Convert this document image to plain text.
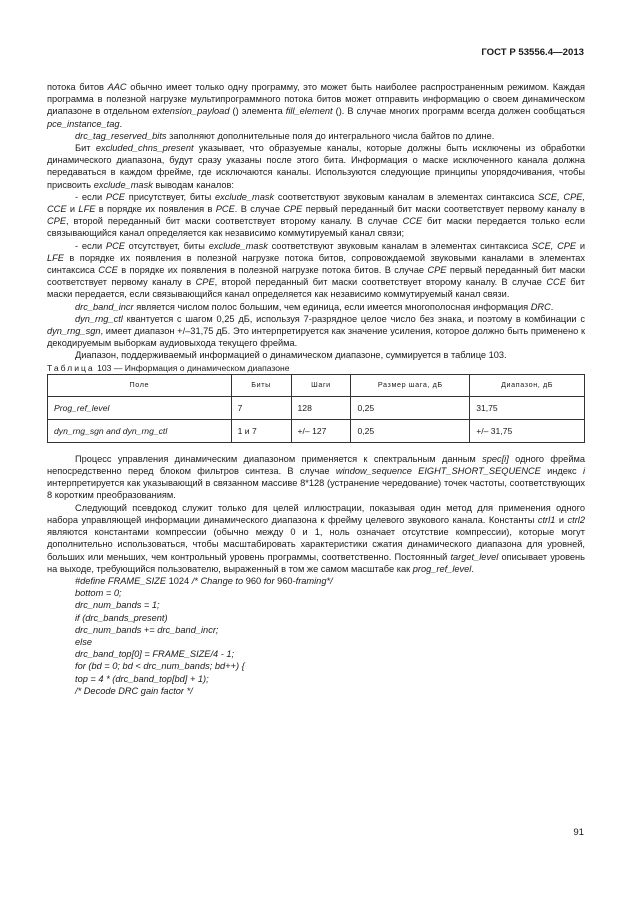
ГОСТ Р 53556.4—2013

потока битов AAC обычно имеет только одну программу, это может быть наиболее распространенным режимом. Каждая программа в полезной нагрузке мультипрограммного потока битов может отправить информацию о своем динамическом диапазоне в отдельном extension_payload () элемента fill_element (). В случае многих программ всегда должен сообщаться pce_instance_tag.

drc_tag_reserved_bits заполняют дополнительные поля до интегрального числа байтов по длине.

Бит excluded_chns_present указывает, что образуемые каналы, которые должны быть исключены из обработки динамического диапазона, будут сразу указаны после этого бита. Информация о маске исключенного канала должна передаваться в каждом фрейме, где исключаются каналы. Используются следующие принципы упорядочивания, чтобы присвоить exclude_mask выводам каналов:

- если PCE присутствует, биты exclude_mask соответствуют звуковым каналам в элементах синтаксиса SCE, CPE, CCE и LFE в порядке их появления в PCE. В случае CPE первый переданный бит маски соответствует первому каналу в CPE, второй переданный бит маски соответствует второму каналу. В случае CCE бит маски передается только если связывающийся канал определяется как независимо коммутируемый канал связи;

- если PCE отсутствует, биты exclude_mask соответствуют звуковым каналам в элементах синтаксиса SCE, CPE и LFE в порядке их появления в полезной нагрузке потока битов, сопровождаемой звуковыми каналами в элементах синтаксиса CCE в порядке их появления в полезной нагрузке потока битов. В случае CPE первый переданный бит маски соответствует первому каналу в CPE, второй переданный бит маски соответствует второму каналу. В случае CCE бит маски передается, если связывающийся канал определяется как независимо коммутируемый канал связи.

drc_band_incr является числом полос большим, чем единица, если имеется многополосная информация DRC.

dyn_rng_ctl квантуется с шагом 0,25 дБ, используя 7-разрядное целое число без знака, и поэтому в комбинации с dyn_rng_sgn, имеет диапазон +/–31,75 дБ. Это интерпретируется как значение усиления, которое должно быть применено к декодируемым выборкам аудиовыхода текущего фрейма.

Диапазон, поддерживаемый информацией о динамическом диапазоне, суммируется в таблице 103.

Таблица 103 — Информация о динамическом диапазоне

Поле	Биты	Шаги	Размер шага, дБ	Диапазон, дБ
Prog_ref_level	7	128	0,25	31,75
dyn_rng_sgn and dyn_rng_ctl	1 и 7	+/– 127	0,25	+/– 31,75

Процесс управления динамическим диапазоном применяется к спектральным данным spec[i] одного фрейма непосредственно перед блоком фильтров синтеза. В случае window_sequence EIGHT_SHORT_SEQUENCE индекс i интерпретируется как указывающий в связанном массиве 8*128 (устранение чередование) точек частоты, соответствующих 8 коротким преобразованиям.

Следующий псевдокод служит только для целей иллюстрации, показывая один метод для применения одного набора управляющей информации динамического диапазона к фрейму целевого звукового канала. Константы ctrl1 и ctrl2 являются константами компрессии (обычно между 0 и 1, ноль означает отсутствие компрессии), которые могут дополнительно использоваться, чтобы масштабировать характеристики сжатия динамического диапазона для уровней, больших или меньших, чем контрольный уровень программы, соответственно. Постоянный target_level описывает уровень на выходе, требующийся пользователю, выраженный в том же самом масштабе как prog_ref_level.

#define FRAME_SIZE 1024 /* Change to 960 for 960-framing*/

bottom = 0;

drc_num_bands = 1;

if (drc_bands_present)

drc_num_bands += drc_band_incr;

else

drc_band_top[0] = FRAME_SIZE/4 - 1;

for (bd = 0; bd < drc_num_bands; bd++) {

top = 4 * (drc_band_top[bd] + 1);

/* Decode DRC gain factor */

91
